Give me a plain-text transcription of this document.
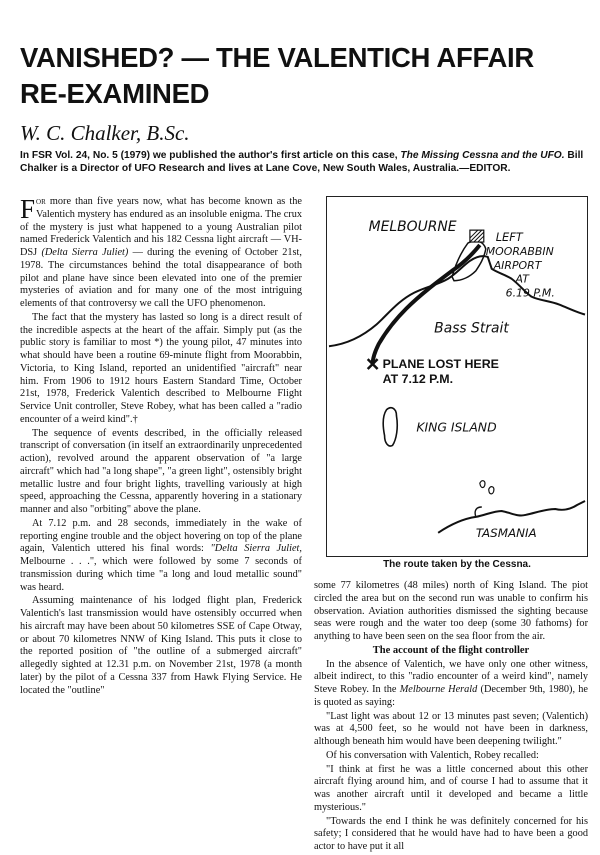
VANISHED? — THE VALENTICH AFFAIR
RE-EXAMINED
W. C. Chalker, B.Sc.

In FSR Vol. 24, No. 5 (1979) we published the author's first article on this case, The Missing Cessna and the UFO. Bill Chalker is a Director of UFO Research and lives at Lane Cove, New South Wales, Australia.—EDITOR.

For more than five years now, what has become known as the Valentich mystery has endured as an insoluble enigma. The crux of the mystery is just what happened to a young Australian pilot named Frederick Valentich and his 182 Cessna light aircraft — VH-DSJ (Delta Sierra Juliet) — during the evening of October 21st, 1978. The circumstances behind the total disappearance of both pilot and plane have since been elevated into one of the premier mysteries of aviation and for many one of the most intriguing elements of that controversy we call the UFO phenomenon.

The fact that the mystery has lasted so long is a direct result of the incredible aspects at the heart of the affair. Simply put (as the public story is familiar to most *) the young pilot, 47 minutes into what should have been a routine 69-minute flight from Moorabbin, Victoria, to King Island, reported an unidentified "aircraft" near him. From 1906 to 1912 hours Eastern Standard Time, October 21st, 1978, Frederick Valentich described to Melbourne Flight Service Unit controller, Steve Robey, what has been called a "radio encounter of a weird kind".†

The sequence of events described, in the officially released transcript of conversation (in itself an extraordinarily unprecedented action), revolved around the apparent observation of "a large aircraft" which had "a long shape", "a green light", ostensibly bright metallic lustre and four bright lights, travelling variously at high speed, approaching the Cessna, apparently hovering in a stationary manner and also "orbiting" above the plane.

At 7.12 p.m. and 28 seconds, immediately in the wake of reporting engine trouble and the object hovering on top of the plane again, Valentich uttered his final words: "Delta Sierra Juliet, Melbourne . . .", which were followed by some 7 seconds of transmission during which time "a long and loud metallic sound" was heard.

Assuming maintenance of his lodged flight plan, Frederick Valentich's last transmission would have ostensibly occurred when his aircraft may have been about 50 kilometres SSE of Cape Otway, or about 70 kilometres NNW of King Island. This puts it close to the reported position of "the outline of a submerged aircraft" allegedly sighted at 12.31 p.m. on November 21st, 1978 (a month later) by the pilot of a Cessna 337 from Hawk Flying Service. He located the "outline"

MELBOURNE
LEFT
MOORABBIN
AIRPORT
AT
6.19 P.M.
Bass Strait
PLANE LOST HERE
AT 7.12 P.M.
KING ISLAND
TASMANIA
The route taken by the Cessna.

some 77 kilometres (48 miles) north of King Island. The piot circled the area but on the second run was unable to confirm his observation. Aviation authorities dismissed the sighting because seas were rough and the water too deep (some 30 fathoms) for anything to have been seen on the sea floor from the air.

The account of the flight controller

In the absence of Valentich, we have only one other witness, albeit indirect, to this "radio encounter of a weird kind", namely Steve Robey. In the Melbourne Herald (December 9th, 1980), he is quoted as saying:

"Last light was about 12 or 13 minutes past seven; (Valentich) was at 4,500 feet, so he would not have been in darkness, although beneath him would have been deepening twilight."

Of his conversation with Valentich, Robey recalled:

"I think at first he was a little concerned about this other aircraft flying around him, and of course I had to assume that it was another aircraft until it developed and became a little mysterious."

"Towards the end I think he was definitely concerned for his safety; I considered that he would have had to have been a good actor to have put it all
